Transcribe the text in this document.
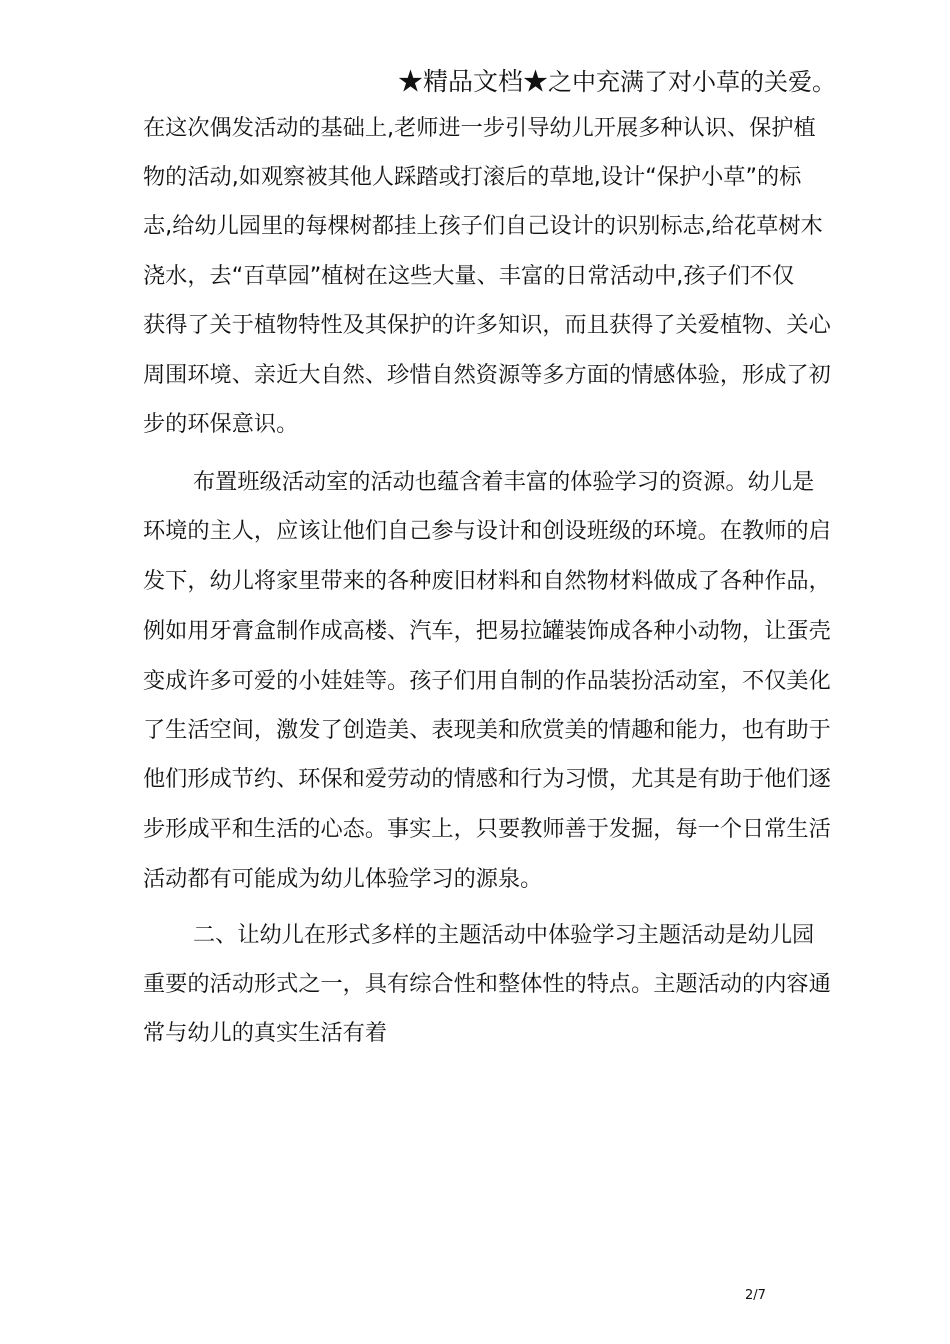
★精品文档★之中充满了对小草的关爱。
在这次偶发活动的基础上,老师进一步引导幼儿开展多种认识、保护植
物的活动,如观察被其他人踩踏或打滚后的草地,设计“保护小草”的标
志,给幼儿园里的每棵树都挂上孩子们自己设计的识别标志,给花草树木
浇水，去“百草园”植树在这些大量、丰富的日常活动中,孩子们不仅
获得了关于植物特性及其保护的许多知识，而且获得了关爱植物、关心
周围环境、亲近大自然、珍惜自然资源等多方面的情感体验，形成了初
步的环保意识。
布置班级活动室的活动也蕴含着丰富的体验学习的资源。幼儿是
环境的主人，应该让他们自己参与设计和创设班级的环境。在教师的启
发下，幼儿将家里带来的各种废旧材料和自然物材料做成了各种作品，
例如用牙膏盒制作成高楼、汽车，把易拉罐装饰成各种小动物，让蛋壳
变成许多可爱的小娃娃等。孩子们用自制的作品装扮活动室，不仅美化
了生活空间，激发了创造美、表现美和欣赏美的情趣和能力，也有助于
他们形成节约、环保和爱劳动的情感和行为习惯，尤其是有助于他们逐
步形成平和生活的心态。事实上，只要教师善于发掘，每一个日常生活
活动都有可能成为幼儿体验学习的源泉。
二、让幼儿在形式多样的主题活动中体验学习主题活动是幼儿园
重要的活动形式之一，具有综合性和整体性的特点。主题活动的内容通
常与幼儿的真实生活有着
2/7
